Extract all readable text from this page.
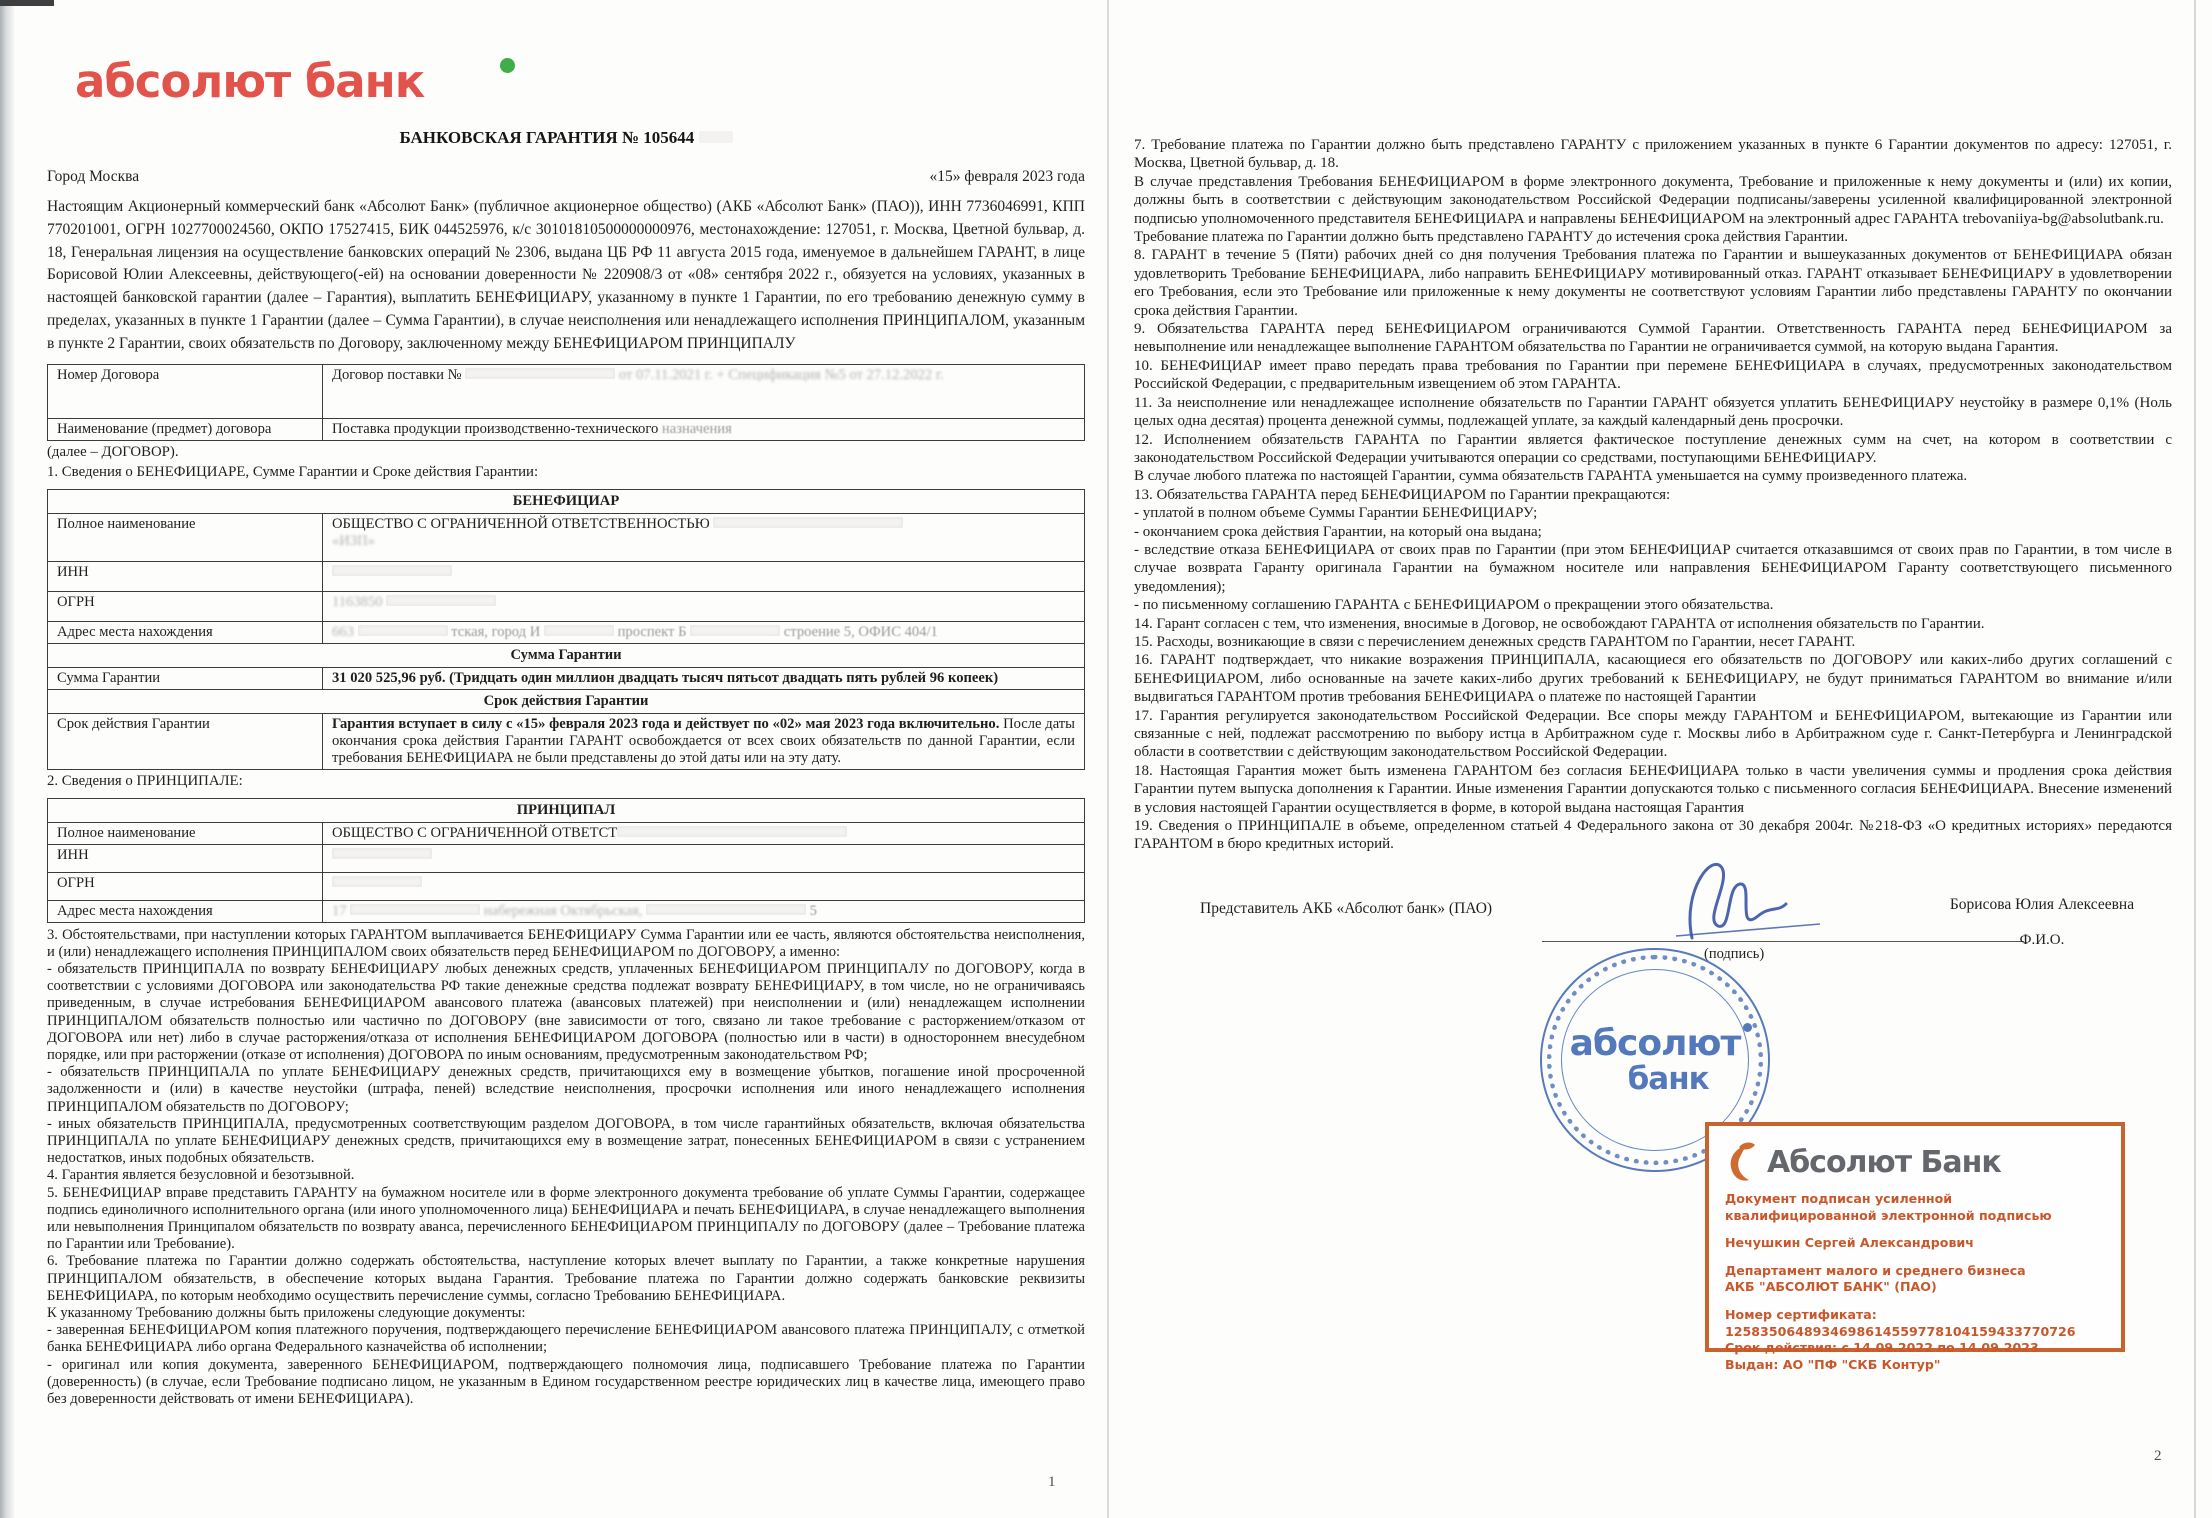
абсолют банк
БАНКОВСКАЯ ГАРАНТИЯ № 105644
Город Москва	«15» февраля 2023 года
Настоящим Акционерный коммерческий банк «Абсолют Банк» (публичное акционерное общество) (АКБ «Абсолют Банк» (ПАО)), ИНН 7736046991, КПП 770201001, ОГРН 1027700024560, ОКПО 17527415, БИК 044525976, к/с 30101810500000000976, местонахождение: 127051, г. Москва, Цветной бульвар, д. 18, Генеральная лицензия на осуществление банковских операций № 2306, выдана ЦБ РФ 11 августа 2015 года, именуемое в дальнейшем ГАРАНТ, в лице Борисовой Юлии Алексеевны, действующего(-ей) на основании доверенности № 220908/3 от «08» сентября 2022 г., обязуется на условиях, указанных в настоящей банковской гарантии (далее – Гарантия), выплатить БЕНЕФИЦИАРУ, указанному в пункте 1 Гарантии, по его требованию денежную сумму в пределах, указанных в пункте 1 Гарантии (далее – Сумма Гарантии), в случае неисполнения или ненадлежащего исполнения ПРИНЦИПАЛОМ, указанным в пункте 2 Гарантии, своих обязательств по Договору, заключенному между БЕНЕФИЦИАРОМ ПРИНЦИПАЛУ
Номер Договора	Договор поставки № от 07.11.2021 г. + Спецификация №5 от 27.12.2022 г.
Наименование (предмет) договора	Поставка продукции производственно-технического назначения
(далее – ДОГОВОР).
1. Сведения о БЕНЕФИЦИАРЕ, Сумме Гарантии и Сроке действия Гарантии:
БЕНЕФИЦИАР	
Полное наименование	ОБЩЕСТВО С ОГРАНИЧЕННОЙ ОТВЕТСТВЕННОСТЬЮ
«ИЗП»
ИНН	
ОГРН	1163850
Адрес места нахождения	663 тская, город И проспект Б строение 5, ОФИС 404/1
Сумма Гарантии	
Сумма Гарантии	31 020 525,96 руб. (Тридцать один миллион двадцать тысяч пятьсот двадцать пять рублей 96 копеек)
Срок действия Гарантии	
Срок действия Гарантии	Гарантия вступает в силу с «15» февраля 2023 года и действует по «02» мая 2023 года включительно. После даты окончания срока действия Гарантии ГАРАНТ освобождается от всех своих обязательств по данной Гарантии, если требования БЕНЕФИЦИАРА не были представлены до этой даты или на эту дату.
2. Сведения о ПРИНЦИПАЛЕ:
ПРИНЦИПАЛ	
Полное наименование	ОБЩЕСТВО С ОГРАНИЧЕННОЙ ОТВЕТСТ
ИНН	
ОГРН	
Адрес места нахождения	17 набережная Октябрьская, 5
3. Обстоятельствами, при наступлении которых ГАРАНТОМ выплачивается БЕНЕФИЦИАРУ Сумма Гарантии или ее часть, являются обстоятельства неисполнения, и (или) ненадлежащего исполнения ПРИНЦИПАЛОМ своих обязательств перед БЕНЕФИЦИАРОМ по ДОГОВОРУ, а именно:
- обязательств ПРИНЦИПАЛА по возврату БЕНЕФИЦИАРУ любых денежных средств, уплаченных БЕНЕФИЦИАРОМ ПРИНЦИПАЛУ по ДОГОВОРУ, когда в соответствии с условиями ДОГОВОРА или законодательства РФ такие денежные средства подлежат возврату БЕНЕФИЦИАРУ, в том числе, но не ограничиваясь приведенным, в случае истребования БЕНЕФИЦИАРОМ авансового платежа (авансовых платежей) при неисполнении и (или) ненадлежащем исполнении ПРИНЦИПАЛОМ обязательств полностью или частично по ДОГОВОРУ (вне зависимости от того, связано ли такое требование с расторжением/отказом от ДОГОВОРА или нет) либо в случае расторжения/отказа от исполнения БЕНЕФИЦИАРОМ ДОГОВОРА (полностью или в части) в одностороннем внесудебном порядке, или при расторжении (отказе от исполнения) ДОГОВОРА по иным основаниям, предусмотренным законодательством РФ;
- обязательств ПРИНЦИПАЛА по уплате БЕНЕФИЦИАРУ денежных средств, причитающихся ему в возмещение убытков, погашение иной просроченной задолженности и (или) в качестве неустойки (штрафа, пеней) вследствие неисполнения, просрочки исполнения или иного ненадлежащего исполнения ПРИНЦИПАЛОМ обязательств по ДОГОВОРУ;
- иных обязательств ПРИНЦИПАЛА, предусмотренных соответствующим разделом ДОГОВОРА, в том числе гарантийных обязательств, включая обязательства ПРИНЦИПАЛА по уплате БЕНЕФИЦИАРУ денежных средств, причитающихся ему в возмещение затрат, понесенных БЕНЕФИЦИАРОМ в связи с устранением недостатков, иных подобных обязательств.
4. Гарантия является безусловной и безотзывной.
5. БЕНЕФИЦИАР вправе представить ГАРАНТУ на бумажном носителе или в форме электронного документа требование об уплате Суммы Гарантии, содержащее подпись единоличного исполнительного органа (или иного уполномоченного лица) БЕНЕФИЦИАРА и печать БЕНЕФИЦИАРА, в случае ненадлежащего выполнения или невыполнения Принципалом обязательств по возврату аванса, перечисленного БЕНЕФИЦИАРОМ ПРИНЦИПАЛУ по ДОГОВОРУ (далее – Требование платежа по Гарантии или Требование).
6. Требование платежа по Гарантии должно содержать обстоятельства, наступление которых влечет выплату по Гарантии, а также конкретные нарушения ПРИНЦИПАЛОМ обязательств, в обеспечение которых выдана Гарантия. Требование платежа по Гарантии должно содержать банковские реквизиты БЕНЕФИЦИАРА, по которым необходимо осуществить перечисление суммы, согласно Требованию БЕНЕФИЦИАРА.
К указанному Требованию должны быть приложены следующие документы:
- заверенная БЕНЕФИЦИАРОМ копия платежного поручения, подтверждающего перечисление БЕНЕФИЦИАРОМ авансового платежа ПРИНЦИПАЛУ, с отметкой банка БЕНЕФИЦИАРА либо органа Федерального казначейства об исполнении;
- оригинал или копия документа, заверенного БЕНЕФИЦИАРОМ, подтверждающего полномочия лица, подписавшего Требование платежа по Гарантии (доверенность) (в случае, если Требование подписано лицом, не указанным в Едином государственном реестре юридических лиц в качестве лица, имеющего право без доверенности действовать от имени БЕНЕФИЦИАРА).
1
7. Требование платежа по Гарантии должно быть представлено ГАРАНТУ с приложением указанных в пункте 6 Гарантии документов по адресу: 127051, г. Москва, Цветной бульвар, д. 18.
В случае представления Требования БЕНЕФИЦИАРОМ в форме электронного документа, Требование и приложенные к нему документы и (или) их копии, должны быть в соответствии с действующим законодательством Российской Федерации подписаны/заверены усиленной квалифицированной электронной подписью уполномоченного представителя БЕНЕФИЦИАРА и направлены БЕНЕФИЦИАРОМ на электронный адрес ГАРАНТА trebovaniiya-bg@absolutbank.ru.
Требование платежа по Гарантии должно быть представлено ГАРАНТУ до истечения срока действия Гарантии.
8. ГАРАНТ в течение 5 (Пяти) рабочих дней со дня получения Требования платежа по Гарантии и вышеуказанных документов от БЕНЕФИЦИАРА обязан удовлетворить Требование БЕНЕФИЦИАРА, либо направить БЕНЕФИЦИАРУ мотивированный отказ. ГАРАНТ отказывает БЕНЕФИЦИАРУ в удовлетворении его Требования, если это Требование или приложенные к нему документы не соответствуют условиям Гарантии либо представлены ГАРАНТУ по окончании срока действия Гарантии.
9. Обязательства ГАРАНТА перед БЕНЕФИЦИАРОМ ограничиваются Суммой Гарантии. Ответственность ГАРАНТА перед БЕНЕФИЦИАРОМ за невыполнение или ненадлежащее выполнение ГАРАНТОМ обязательства по Гарантии не ограничивается суммой, на которую выдана Гарантия.
10. БЕНЕФИЦИАР имеет право передать права требования по Гарантии при перемене БЕНЕФИЦИАРА в случаях, предусмотренных законодательством Российской Федерации, с предварительным извещением об этом ГАРАНТА.
11. За неисполнение или ненадлежащее исполнение обязательств по Гарантии ГАРАНТ обязуется уплатить БЕНЕФИЦИАРУ неустойку в размере 0,1% (Ноль целых одна десятая) процента денежной суммы, подлежащей уплате, за каждый календарный день просрочки.
12. Исполнением обязательств ГАРАНТА по Гарантии является фактическое поступление денежных сумм на счет, на котором в соответствии с законодательством Российской Федерации учитываются операции со средствами, поступающими БЕНЕФИЦИАРУ.
В случае любого платежа по настоящей Гарантии, сумма обязательств ГАРАНТА уменьшается на сумму произведенного платежа.
13. Обязательства ГАРАНТА перед БЕНЕФИЦИАРОМ по Гарантии прекращаются:
- уплатой в полном объеме Суммы Гарантии БЕНЕФИЦИАРУ;
- окончанием срока действия Гарантии, на который она выдана;
- вследствие отказа БЕНЕФИЦИАРА от своих прав по Гарантии (при этом БЕНЕФИЦИАР считается отказавшимся от своих прав по Гарантии, в том числе в случае возврата Гаранту оригинала Гарантии на бумажном носителе или направления БЕНЕФИЦИАРОМ Гаранту соответствующего письменного уведомления);
- по письменному соглашению ГАРАНТА с БЕНЕФИЦИАРОМ о прекращении этого обязательства.
14. Гарант согласен с тем, что изменения, вносимые в Договор, не освобождают ГАРАНТА от исполнения обязательств по Гарантии.
15. Расходы, возникающие в связи с перечислением денежных средств ГАРАНТОМ по Гарантии, несет ГАРАНТ.
16. ГАРАНТ подтверждает, что никакие возражения ПРИНЦИПАЛА, касающиеся его обязательств по ДОГОВОРУ или каких-либо других соглашений с БЕНЕФИЦИАРОМ, либо основанные на зачете каких-либо других требований к БЕНЕФИЦИАРУ, не будут приниматься ГАРАНТОМ во внимание и/или выдвигаться ГАРАНТОМ против требования БЕНЕФИЦИАРА о платеже по настоящей Гарантии
17. Гарантия регулируется законодательством Российской Федерации. Все споры между ГАРАНТОМ и БЕНЕФИЦИАРОМ, вытекающие из Гарантии или связанные с ней, подлежат рассмотрению по выбору истца в Арбитражном суде г. Москвы либо в Арбитражном суде г. Санкт-Петербурга и Ленинградской области в соответствии с действующим законодательством Российской Федерации.
18. Настоящая Гарантия может быть изменена ГАРАНТОМ без согласия БЕНЕФИЦИАРА только в части увеличения суммы и продления срока действия Гарантии путем выпуска дополнения к Гарантии. Иные изменения Гарантии допускаются только с письменного согласия БЕНЕФИЦИАРА. Внесение изменений в условия настоящей Гарантии осуществляется в форме, в которой выдана настоящая Гарантия
19. Сведения о ПРИНЦИПАЛЕ в объеме, определенном статьей 4 Федерального закона от 30 декабря 2004г. №218-ФЗ «О кредитных историях» передаются ГАРАНТОМ в бюро кредитных историй.
Представитель АКБ «Абсолют банк» (ПАО)
(подпись)
Борисова Юлия Алексеевна
Ф.И.О.
абсолют
банк
Абсолют Банк
Документ подписан усиленной квалифицированной электронной подписью
Нечушкин Сергей Александрович
Департамент малого и среднего бизнеса
АКБ "АБСОЛЮТ БАНК" (ПАО)
Номер сертификата: 1258350648934698614559778104159433770726
Срок действия: с 14.09.2022 по 14.09.2023
Выдан: АО "ПФ "СКБ Контур"
2
